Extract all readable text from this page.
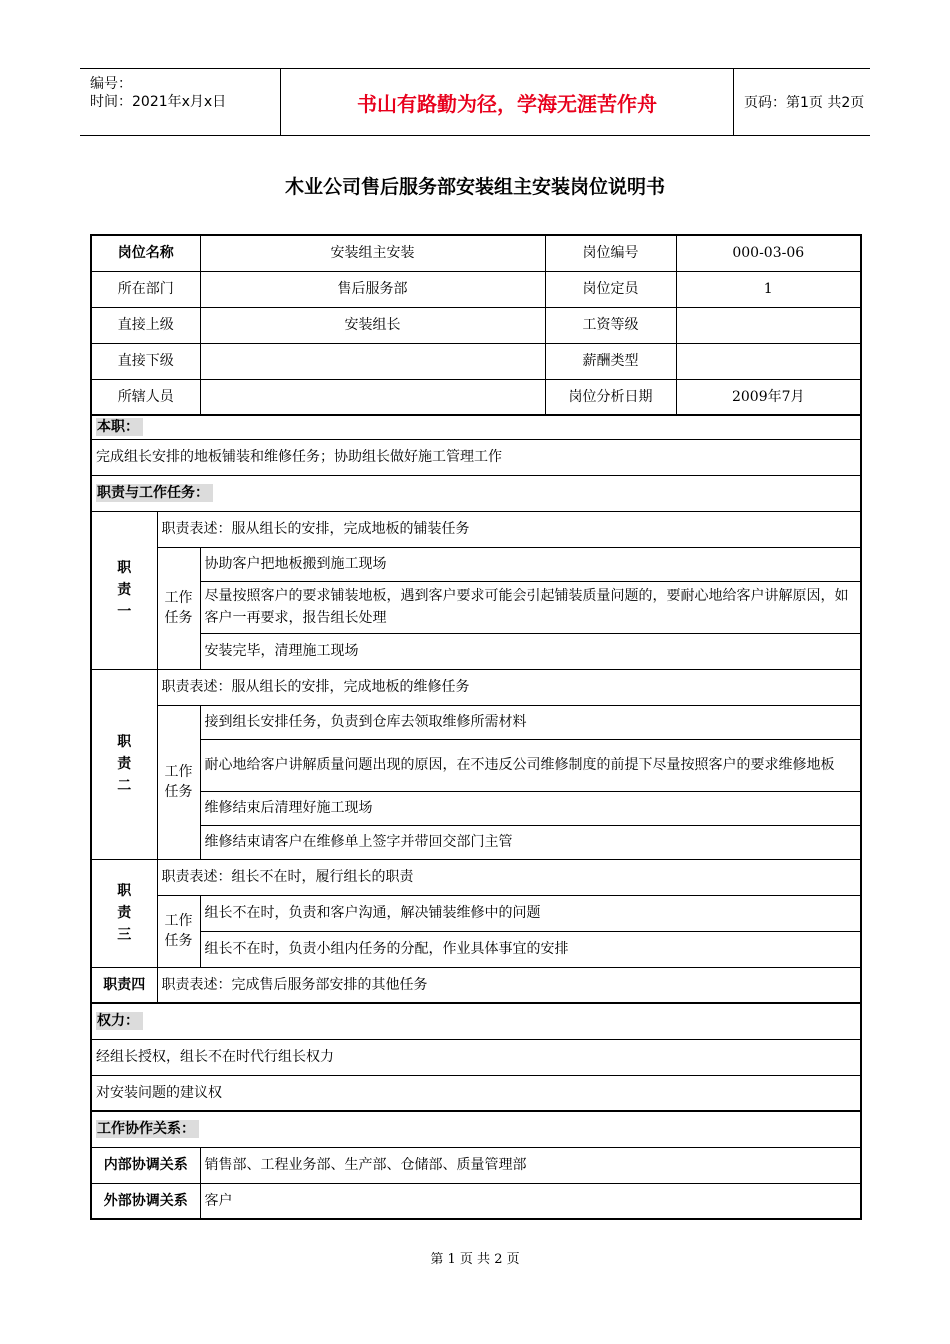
编号：
时间：2021年x月x日	书山有路勤为径，学海无涯苦作舟	页码：第1页 共2页
木业公司售后服务部安装组主安装岗位说明书
岗位名称		安装组主安装	岗位编号	000-03-06
所在部门		售后服务部	岗位定员	1
直接上级		安装组长	工资等级	
直接下级			薪酬类型	
所辖人员			岗位分析日期	2009年7月
本职：				
完成组长安排的地板铺装和维修任务；协助组长做好施工管理工作				
职责与工作任务：				

职
责
一	职责表述：服从组长的安排，完成地板的铺装任务			
	工作任务	协助客户把地板搬到施工现场		
		尽量按照客户的要求铺装地板，遇到客户要求可能会引起铺装质量问题的，要耐心地给客户讲解原因，如客户一再要求，报告组长处理		
		安装完毕，清理施工现场		

职
责
二	职责表述：服从组长的安排，完成地板的维修任务			
	工作任务	接到组长安排任务，负责到仓库去领取维修所需材料		
		耐心地给客户讲解质量问题出现的原因，在不违反公司维修制度的前提下尽量按照客户的要求维修地板		
		维修结束后清理好施工现场		
		维修结束请客户在维修单上签字并带回交部门主管		

职
责
三	职责表述：组长不在时，履行组长的职责			
	工作任务	组长不在时，负责和客户沟通，解决铺装维修中的问题		
		组长不在时，负责小组内任务的分配，作业具体事宜的安排		
职责四	职责表述：完成售后服务部安排的其他任务			
权力：				
经组长授权，组长不在时代行组长权力				
对安装问题的建议权				
工作协作关系：				
内部协调关系		销售部、工程业务部、生产部、仓储部、质量管理部		
外部协调关系		客户		
第 1 页 共 2 页
